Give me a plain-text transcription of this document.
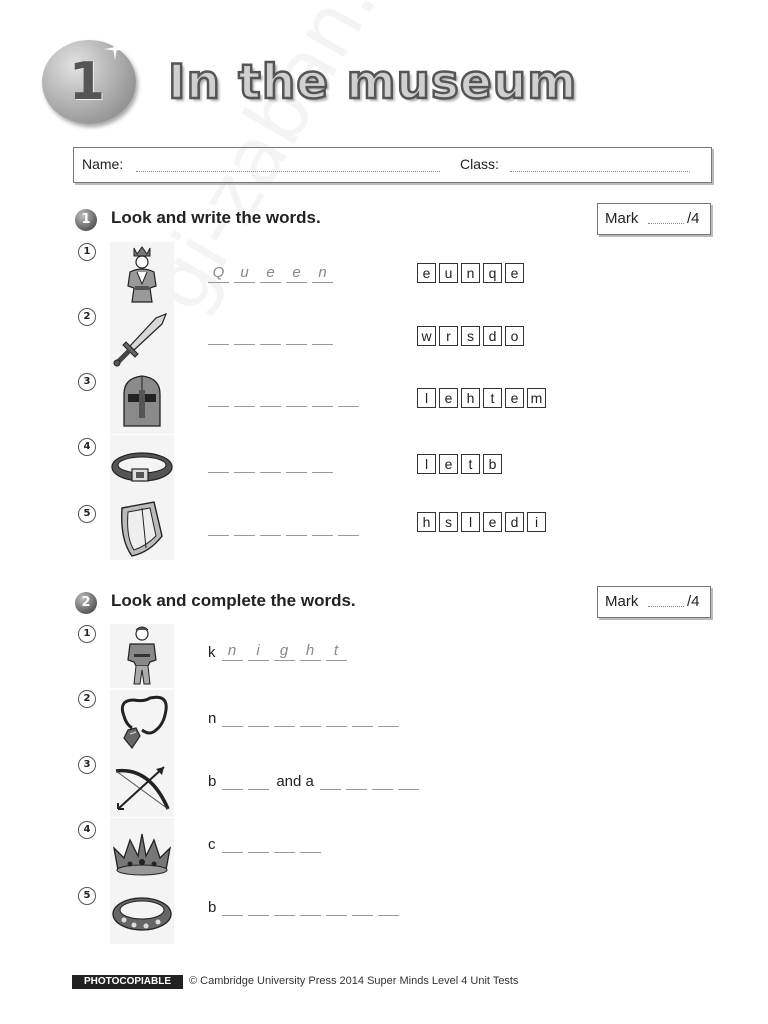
1	In the museum
Name:	Class:
1	Look and write the words.	Mark	/4
1
Q	u	e	e	n	e	u	n	q	e
2
w	r	s	d	o
3
l	e	h	t	e m
4
l	e	t	b
5
h	s	l	e	d	i
2	Look and complete the words.	Mark	/4
1
k n	i	g	h	t
2
n
3
b	and a
4
c
5
b
PHOTOCOPIABLE	© Cambridge University Press 2014 Super Minds Level 4 Unit Tests
